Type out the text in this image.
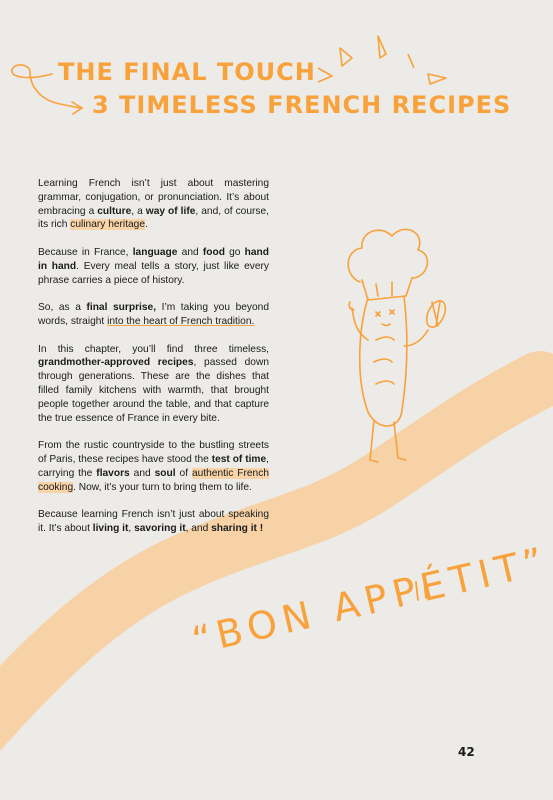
THE FINAL TOUCH
3 TIMELESS FRENCH RECIPES

Learning French isn’t just about mastering grammar, conjugation, or pronunciation. It’s about embracing a culture, a way of life, and, of course, its rich culinary heritage.

Because in France, language and food go hand in hand. Every meal tells a story, just like every phrase carries a piece of history.

So, as a final surprise, I’m taking you beyond words, straight into the heart of French tradition.

In this chapter, you’ll find three timeless, grandmother-approved recipes, passed down through generations. These are the dishes that filled family kitchens with warmth, that brought people together around the table, and that capture the true essence of France in every bite.

From the rustic countryside to the bustling streets of Paris, these recipes have stood the test of time, carrying the flavors and soul of authentic French cooking. Now, it’s your turn to bring them to life.

Because learning French isn’t just about speaking it. It’s about living it, savoring it, and sharing it !

“BON APPÉTIT”
42
